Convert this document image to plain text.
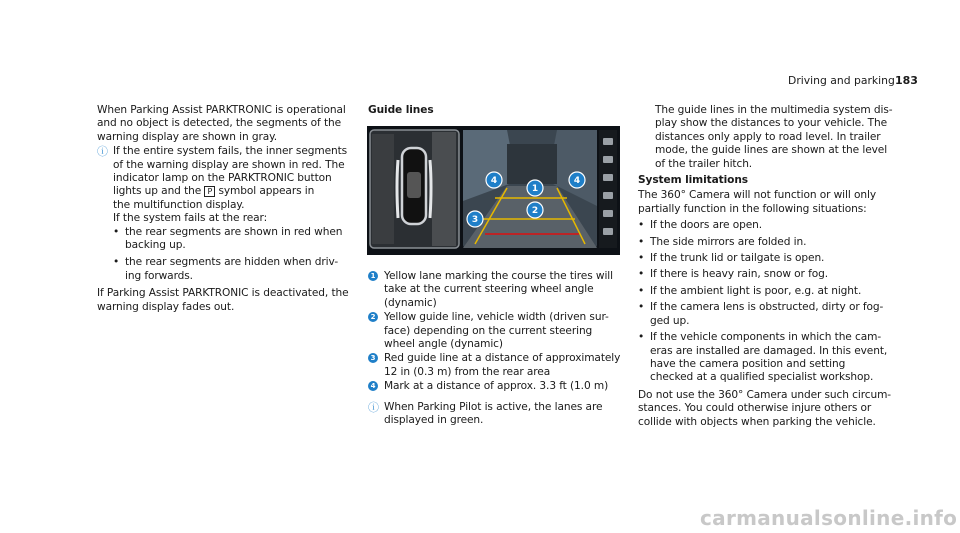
Driving and parking 183
When Parking Assist PARKTRONIC is operational and no object is detected, the segments of the warning display are shown in gray.
ⓘ If the entire system fails, the inner segments
of the warning display are shown in red. The
indicator lamp on the PARKTRONIC button
lights up and the P symbol appears in
the multifunction display.
If the system fails at the rear:
• the rear segments are shown in red when
backing up.
• the rear segments are hidden when driv-
ing forwards.
If Parking Assist PARKTRONIC is deactivated, the warning display fades out.
Guide lines
1
2
3
4	4
1 Yellow lane marking the course the tires will
take at the current steering wheel angle
(dynamic)
2 Yellow guide line, vehicle width (driven sur-
face) depending on the current steering
wheel angle (dynamic)
3 Red guide line at a distance of approximately
12 in (0.3 m) from the rear area
4 Mark at a distance of approx. 3.3 ft (1.0 m)
ⓘ When Parking Pilot is active, the lanes are
displayed in green.
The guide lines in the multimedia system dis-
play show the distances to your vehicle. The
distances only apply to road level. In trailer
mode, the guide lines are shown at the level
of the trailer hitch.
System limitations
The 360° Camera will not function or will only
partially function in the following situations:
• If the doors are open.
• The side mirrors are folded in.
• If the trunk lid or tailgate is open.
• If there is heavy rain, snow or fog.
• If the ambient light is poor, e.g. at night.
• If the camera lens is obstructed, dirty or fog-
ged up.
• If the vehicle components in which the cam-
eras are installed are damaged. In this event,
have the camera position and setting
checked at a qualified specialist workshop.
Do not use the 360° Camera under such circum-
stances. You could otherwise injure others or
collide with objects when parking the vehicle.
carmanualsonline.info
